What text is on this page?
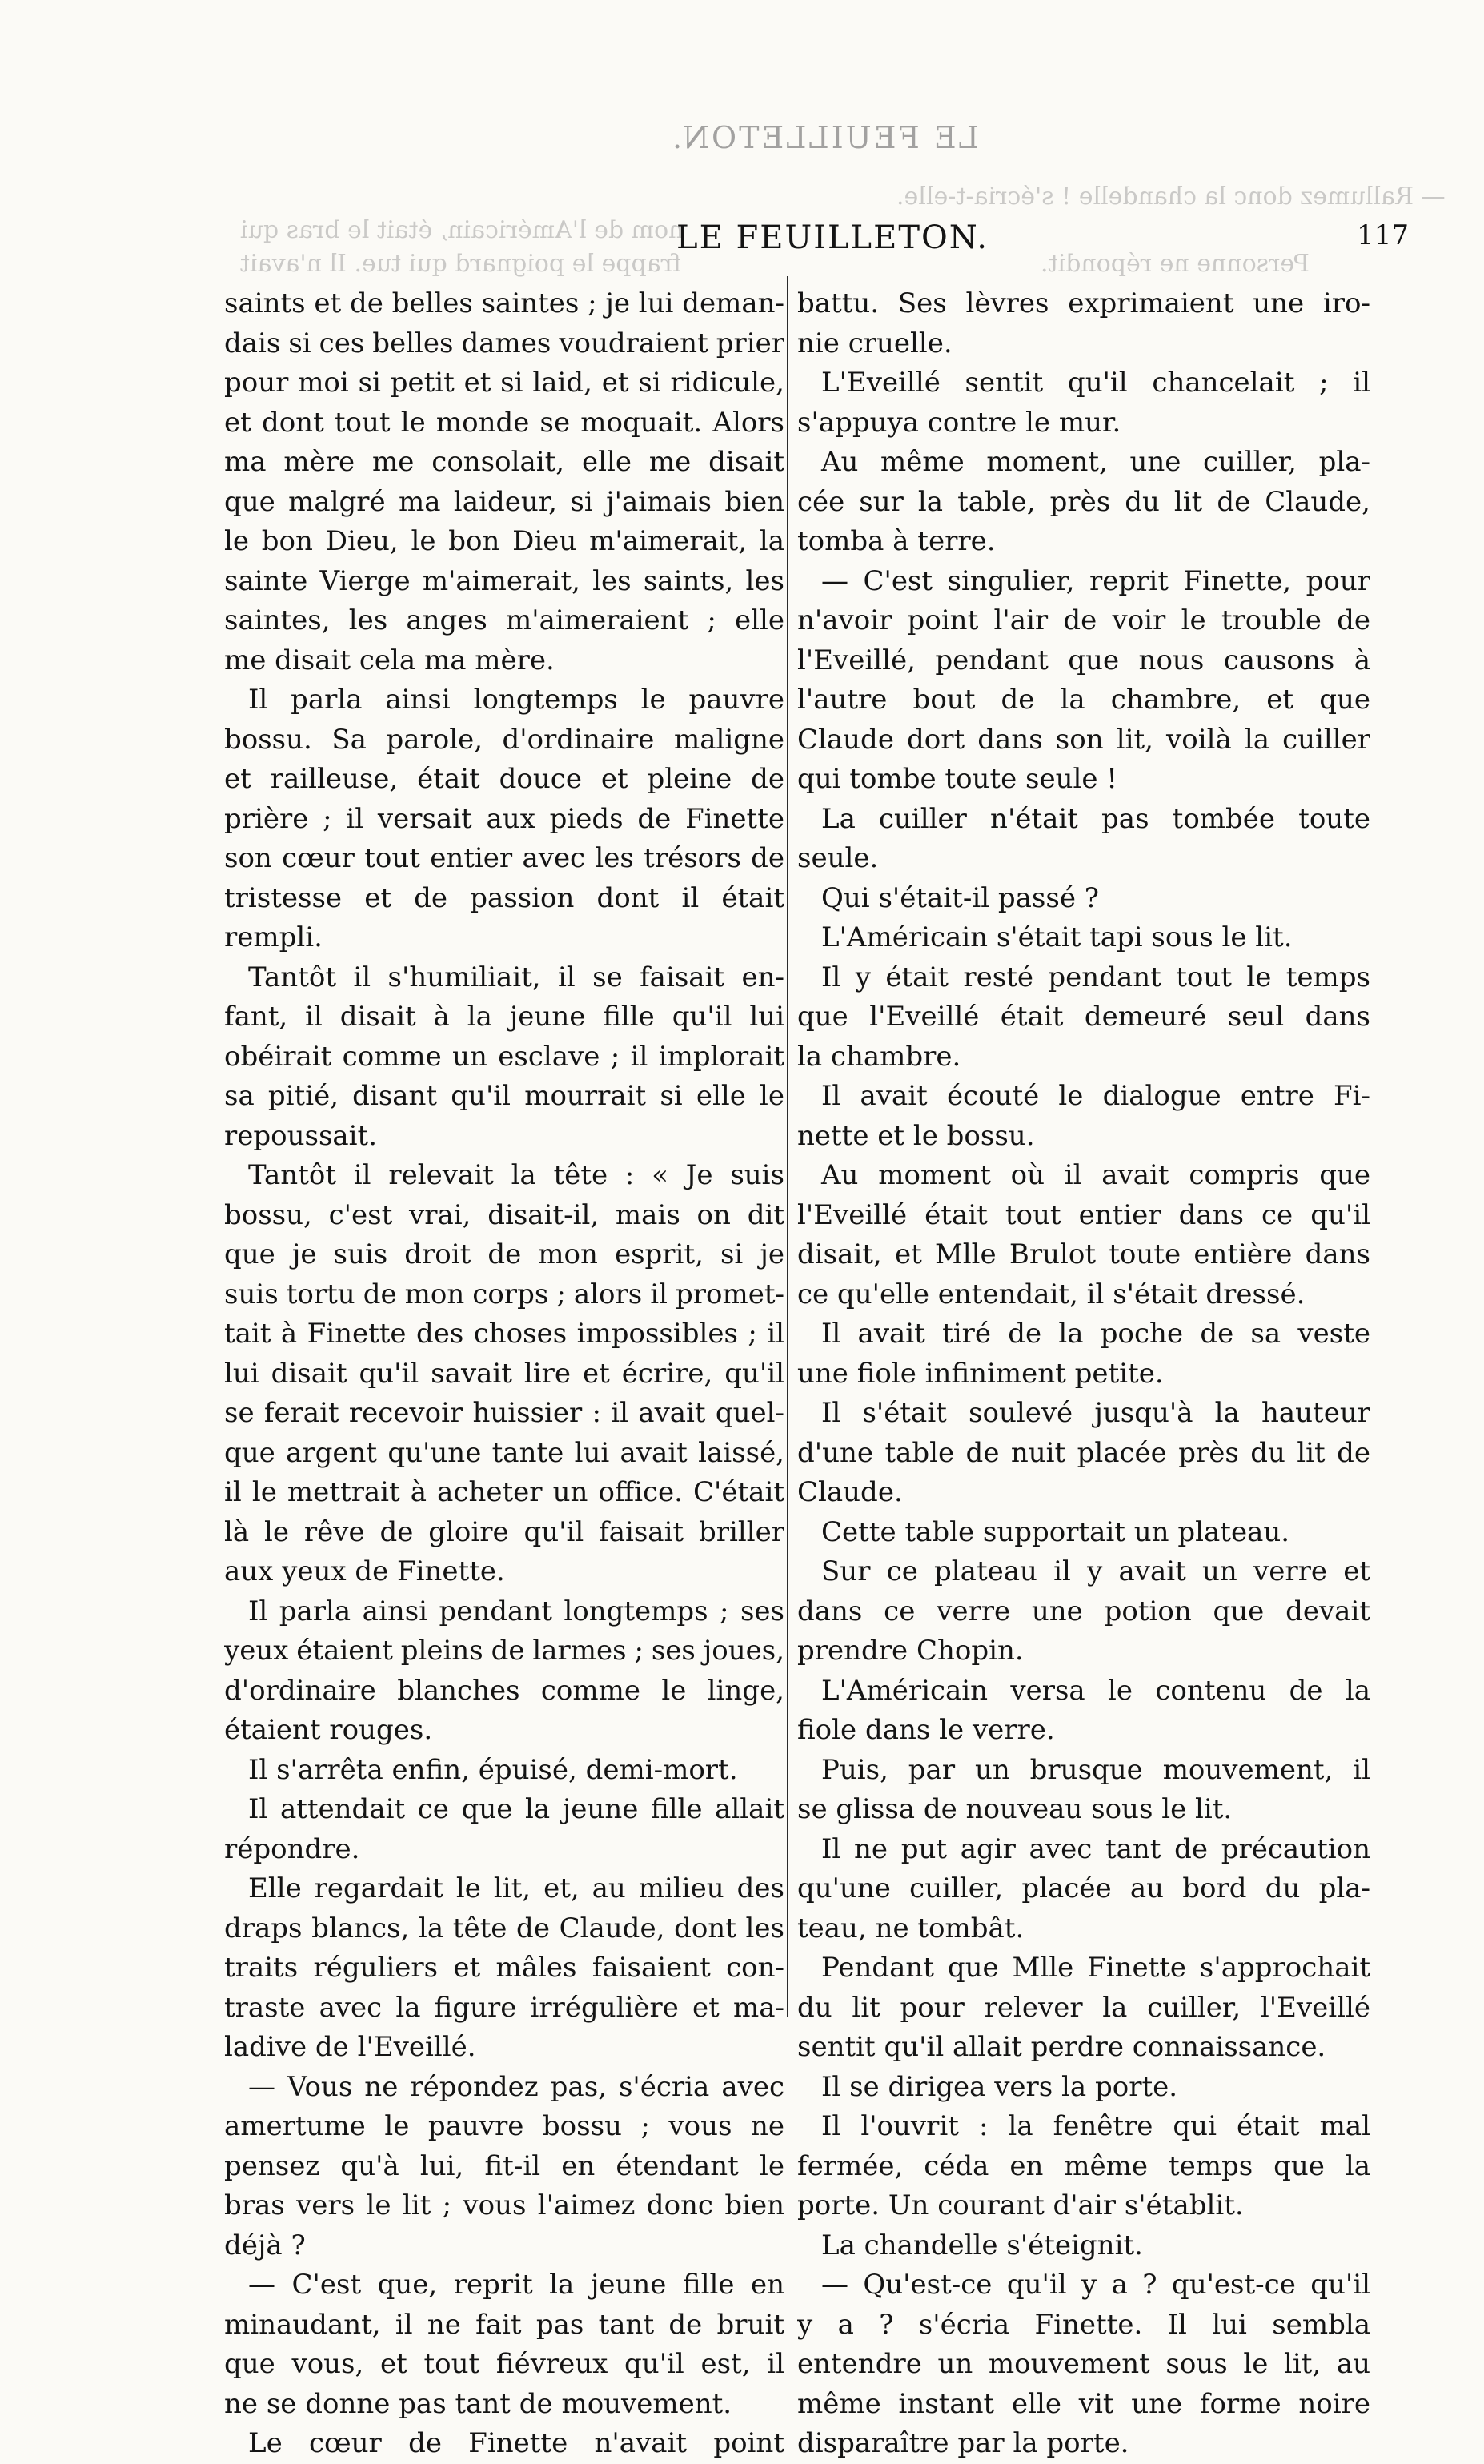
LE FEUILLETON.
— Rallumez donc la chandelle ! s'écria-t-elle.
nom de l'Américain, était le bras qui
frappe le poignard qui tue. Il n'avait	Personne ne répondit.
LE FEUILLETON.	117
saints et de belles saintes ; je lui deman-
dais si ces belles dames voudraient prier
pour moi si petit et si laid, et si ridicule,
et dont tout le monde se moquait. Alors
ma mère me consolait, elle me disait
que malgré ma laideur, si j'aimais bien
le bon Dieu, le bon Dieu m'aimerait, la
sainte Vierge m'aimerait, les saints, les
saintes, les anges m'aimeraient ; elle
me disait cela ma mère.
Il parla ainsi longtemps le pauvre
bossu. Sa parole, d'ordinaire maligne
et railleuse, était douce et pleine de
prière ; il versait aux pieds de Finette
son cœur tout entier avec les trésors de
tristesse et de passion dont il était
rempli.
Tantôt il s'humiliait, il se faisait en-
fant, il disait à la jeune fille qu'il lui
obéirait comme un esclave ; il implorait
sa pitié, disant qu'il mourrait si elle le
repoussait.
Tantôt il relevait la tête : « Je suis
bossu, c'est vrai, disait-il, mais on dit
que je suis droit de mon esprit, si je
suis tortu de mon corps ; alors il promet-
tait à Finette des choses impossibles ; il
lui disait qu'il savait lire et écrire, qu'il
se ferait recevoir huissier : il avait quel-
que argent qu'une tante lui avait laissé,
il le mettrait à acheter un office. C'était
là le rêve de gloire qu'il faisait briller
aux yeux de Finette.
Il parla ainsi pendant longtemps ; ses
yeux étaient pleins de larmes ; ses joues,
d'ordinaire blanches comme le linge,
étaient rouges.
Il s'arrêta enfin, épuisé, demi-mort.
Il attendait ce que la jeune fille allait
répondre.
Elle regardait le lit, et, au milieu des
draps blancs, la tête de Claude, dont les
traits réguliers et mâles faisaient con-
traste avec la figure irrégulière et ma-
ladive de l'Eveillé.
— Vous ne répondez pas, s'écria avec
amertume le pauvre bossu ; vous ne
pensez qu'à lui, fit-il en étendant le
bras vers le lit ; vous l'aimez donc bien
déjà ?
— C'est que, reprit la jeune fille en
minaudant, il ne fait pas tant de bruit
que vous, et tout fiévreux qu'il est, il
ne se donne pas tant de mouvement.
Le cœur de Finette n'avait point
battu. Ses lèvres exprimaient une iro-
nie cruelle.
L'Eveillé sentit qu'il chancelait ; il
s'appuya contre le mur.
Au même moment, une cuiller, pla-
cée sur la table, près du lit de Claude,
tomba à terre.
— C'est singulier, reprit Finette, pour
n'avoir point l'air de voir le trouble de
l'Eveillé, pendant que nous causons à
l'autre bout de la chambre, et que
Claude dort dans son lit, voilà la cuiller
qui tombe toute seule !
La cuiller n'était pas tombée toute
seule.
Qui s'était-il passé ?
L'Américain s'était tapi sous le lit.
Il y était resté pendant tout le temps
que l'Eveillé était demeuré seul dans
la chambre.
Il avait écouté le dialogue entre Fi-
nette et le bossu.
Au moment où il avait compris que
l'Eveillé était tout entier dans ce qu'il
disait, et Mlle Brulot toute entière dans
ce qu'elle entendait, il s'était dressé.
Il avait tiré de la poche de sa veste
une fiole infiniment petite.
Il s'était soulevé jusqu'à la hauteur
d'une table de nuit placée près du lit de
Claude.
Cette table supportait un plateau.
Sur ce plateau il y avait un verre et
dans ce verre une potion que devait
prendre Chopin.
L'Américain versa le contenu de la
fiole dans le verre.
Puis, par un brusque mouvement, il
se glissa de nouveau sous le lit.
Il ne put agir avec tant de précaution
qu'une cuiller, placée au bord du pla-
teau, ne tombât.
Pendant que Mlle Finette s'approchait
du lit pour relever la cuiller, l'Eveillé
sentit qu'il allait perdre connaissance.
Il se dirigea vers la porte.
Il l'ouvrit : la fenêtre qui était mal
fermée, céda en même temps que la
porte. Un courant d'air s'établit.
La chandelle s'éteignit.
— Qu'est-ce qu'il y a ? qu'est-ce qu'il
y a ? s'écria Finette. Il lui sembla
entendre un mouvement sous le lit, au
même instant elle vit une forme noire
disparaître par la porte.
